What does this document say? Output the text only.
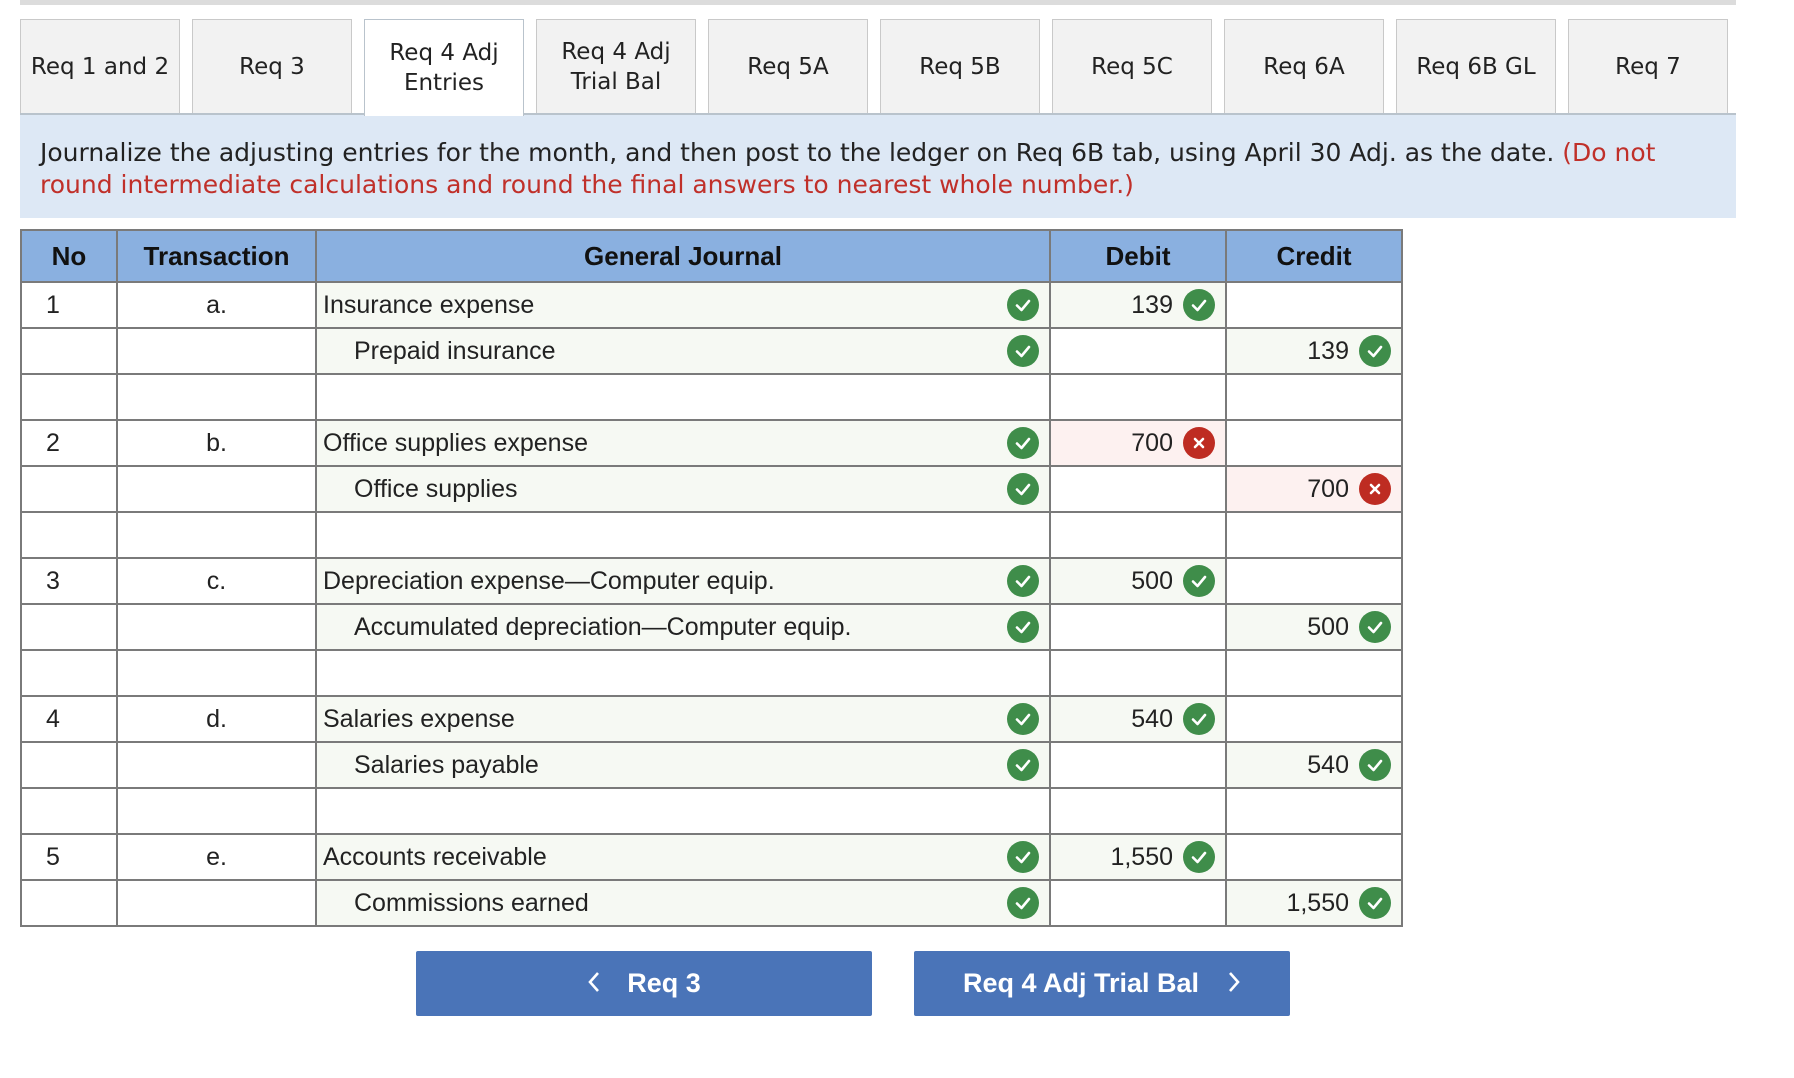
Req 1 and 2	Req 3
Req 4 Adj
Entries
Req 4 Adj
Trial Bal
Req 5A	Req 5B	Req 5C	Req 6A	Req 6B GL	Req 7
Journalize the adjusting entries for the month, and then post to the ledger on Req 6B tab, using April 30 Adj. as the date. (Do not round intermediate calculations and round the final answers to nearest whole number.)
No	Transaction	General Journal	Debit	Credit
1	a.	Insurance expense	139

		Prepaid insurance		139

2	b.	Office supplies expense	700

		Office supplies		700

3	c.	Depreciation expense—Computer equip.	500

		Accumulated depreciation—Computer equip.		500

4	d.	Salaries expense	540

		Salaries payable		540

5	e.	Accounts receivable	1,550

		Commissions earned		1,550
Req 3	Req 4 Adj Trial Bal
